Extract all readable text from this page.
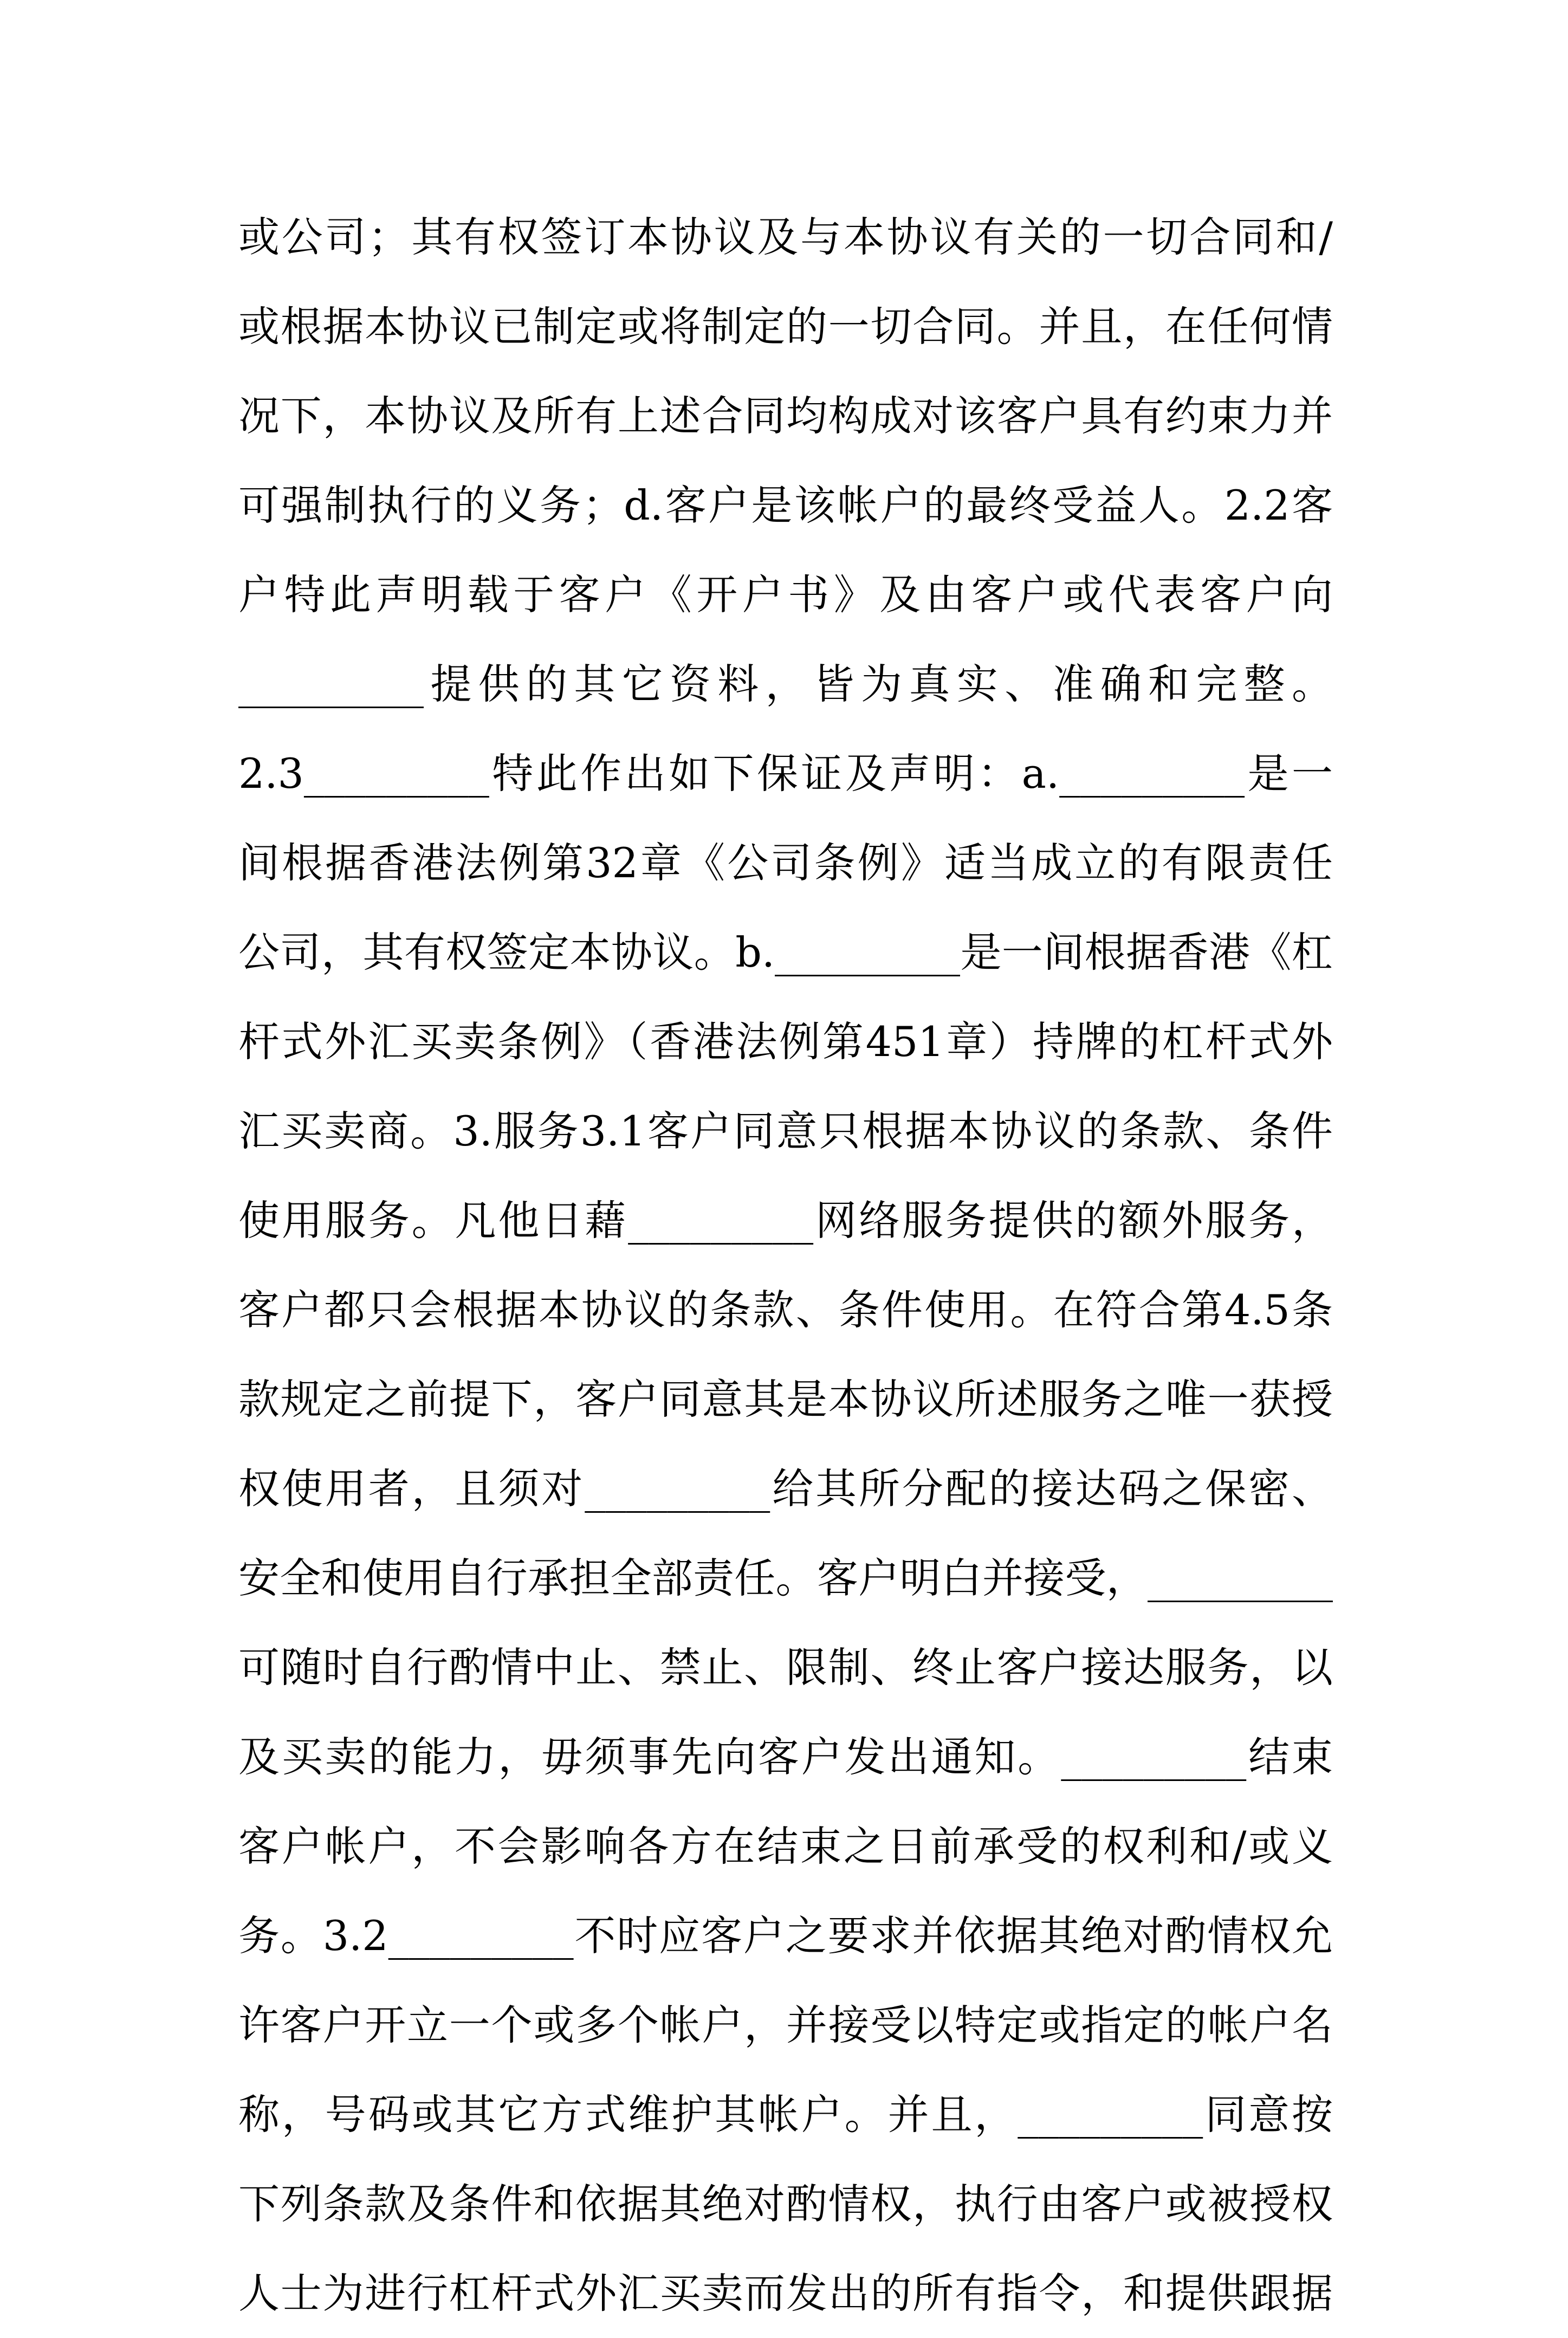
或公司；其有权签订本协议及与本协议有关的一切合同和/
或根据本协议已制定或将制定的一切合同。并且，在任何情
况下，本协议及所有上述合同均构成对该客户具有约束力并
可强制执行的义务；d.客户是该帐户的最终受益人。2.2客
户特此声明载于客户《开户书》及由客户或代表客户向
_________提供的其它资料，皆为真实、准确和完整。
2.3_________特此作出如下保证及声明：a._________是一
间根据香港法例第32章《公司条例》适当成立的有限责任
公司，其有权签定本协议。b._________是一间根据香港《杠
杆式外汇买卖条例》（香港法例第451章）持牌的杠杆式外
汇买卖商。3.服务3.1客户同意只根据本协议的条款、条件
使用服务。凡他日藉_________网络服务提供的额外服务，
客户都只会根据本协议的条款、条件使用。在符合第4.5条
款规定之前提下，客户同意其是本协议所述服务之唯一获授
权使用者，且须对_________给其所分配的接达码之保密、
安全和使用自行承担全部责任。客户明白并接受，_________
可随时自行酌情中止、禁止、限制、终止客户接达服务，以
及买卖的能力，毋须事先向客户发出通知。_________结束
客户帐户，不会影响各方在结束之日前承受的权利和/或义
务。3.2_________不时应客户之要求并依据其绝对酌情权允
许客户开立一个或多个帐户，并接受以特定或指定的帐户名
称，号码或其它方式维护其帐户。并且，_________同意按
下列条款及条件和依据其绝对酌情权，执行由客户或被授权
人士为进行杠杆式外汇买卖而发出的所有指令，和提供跟据
